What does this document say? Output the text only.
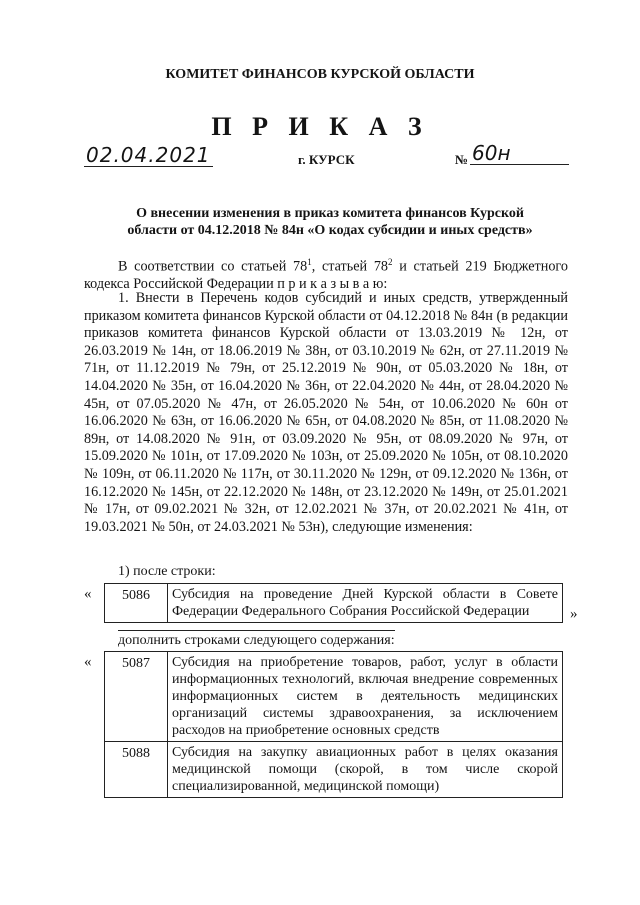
КОМИТЕТ ФИНАНСОВ КУРСКОЙ ОБЛАСТИ
П Р И К А З
02.04.2021	г. КУРСК	№ 60н
О внесении изменения в приказ комитета финансов Курской
области от 04.12.2018 № 84н «О кодах субсидии и иных средств»
В соответствии со статьей $78^1$, статьей $78^2$ и статьей 219 Бюджетного кодекса Российской Федерации п р и к а з ы в а ю:
1. Внести в Перечень кодов субсидий и иных средств, утвержденный приказом комитета финансов Курской области от 04.12.2018 № 84н (в редакции приказов комитета финансов Курской области от 13.03.2019 № 12н, от 26.03.2019 № 14н, от 18.06.2019 № 38н, от 03.10.2019 № 62н, от 27.11.2019 № 71н, от 11.12.2019 № 79н, от 25.12.2019 № 90н, от 05.03.2020 № 18н, от 14.04.2020 № 35н, от 16.04.2020 № 36н, от 22.04.2020 № 44н, от 28.04.2020 № 45н, от 07.05.2020 № 47н, от 26.05.2020 № 54н, от 10.06.2020 № 60н от 16.06.2020 № 63н, от 16.06.2020 № 65н, от 04.08.2020 № 85н, от 11.08.2020 № 89н, от 14.08.2020 № 91н, от 03.09.2020 № 95н, от 08.09.2020 № 97н, от 15.09.2020 № 101н, от 17.09.2020 № 103н, от 25.09.2020 № 105н, от 08.10.2020 № 109н, от 06.11.2020 № 117н, от 30.11.2020 № 129н, от 09.12.2020 № 136н, от 16.12.2020 № 145н, от 22.12.2020 № 148н, от 23.12.2020 № 149н, от 25.01.2021 № 17н, от 09.02.2021 № 32н, от 12.02.2021 № 37н, от 20.02.2021 № 41н, от 19.03.2021 № 50н, от 24.03.2021 № 53н), следующие изменения:
1) после строки:
« 5086	Субсидия на проведение Дней Курской области в Совете Федерации Федерального Собрания Российской Федерации	»
дополнить строками следующего содержания:
« 5087	Субсидия на приобретение товаров, работ, услуг в области информационных технологий, включая внедрение современных информационных систем в деятельность медицинских организаций системы здравоохранения, за исключением расходов на приобретение основных средств
5088	Субсидия на закупку авиационных работ в целях оказания медицинской помощи (скорой, в том числе скорой специализированной, медицинской помощи)
